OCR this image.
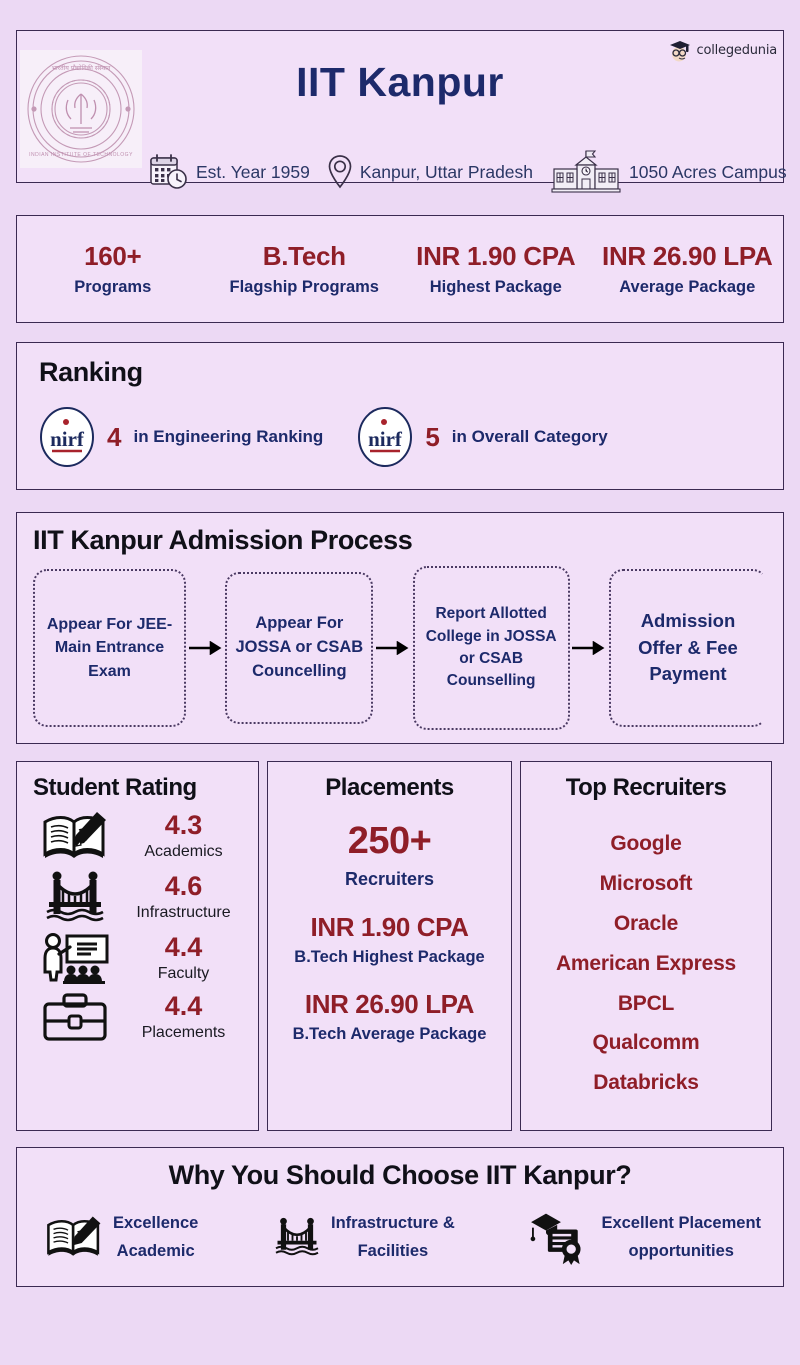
भारतीय प्रौद्योगिकी संस्थान
INDIAN INSTITUTE OF TECHNOLOGY
collegedunia
IIT Kanpur
Est. Year 1959	Kanpur, Uttar Pradesh	1050 Acres Campus
160+
Programs
B.Tech
Flagship Programs
INR 1.90 CPA
Highest Package
INR 26.90 LPA
Average Package
Ranking
nirf 4 in Engineering Ranking nirf 5 in Overall Category
IIT Kanpur Admission Process
Appear For JEE-Main Entrance Exam
Appear For JOSSA or CSAB Councelling
Report Allotted College in JOSSA or CSAB Counselling
Admission Offer & Fee Payment
Student Rating
4.3
Academics
4.6
Infrastructure
4.4
Faculty
4.4
Placements
Placements
250+
Recruiters
INR 1.90 CPA
B.Tech Highest Package
INR 26.90 LPA
B.Tech Average Package
Top Recruiters
Google
Microsoft
Oracle
American Express
BPCL
Qualcomm
Databricks
Why You Should Choose IIT Kanpur?
Excellence
Academic
Infrastructure &
Facilities
Excellent Placement
opportunities
